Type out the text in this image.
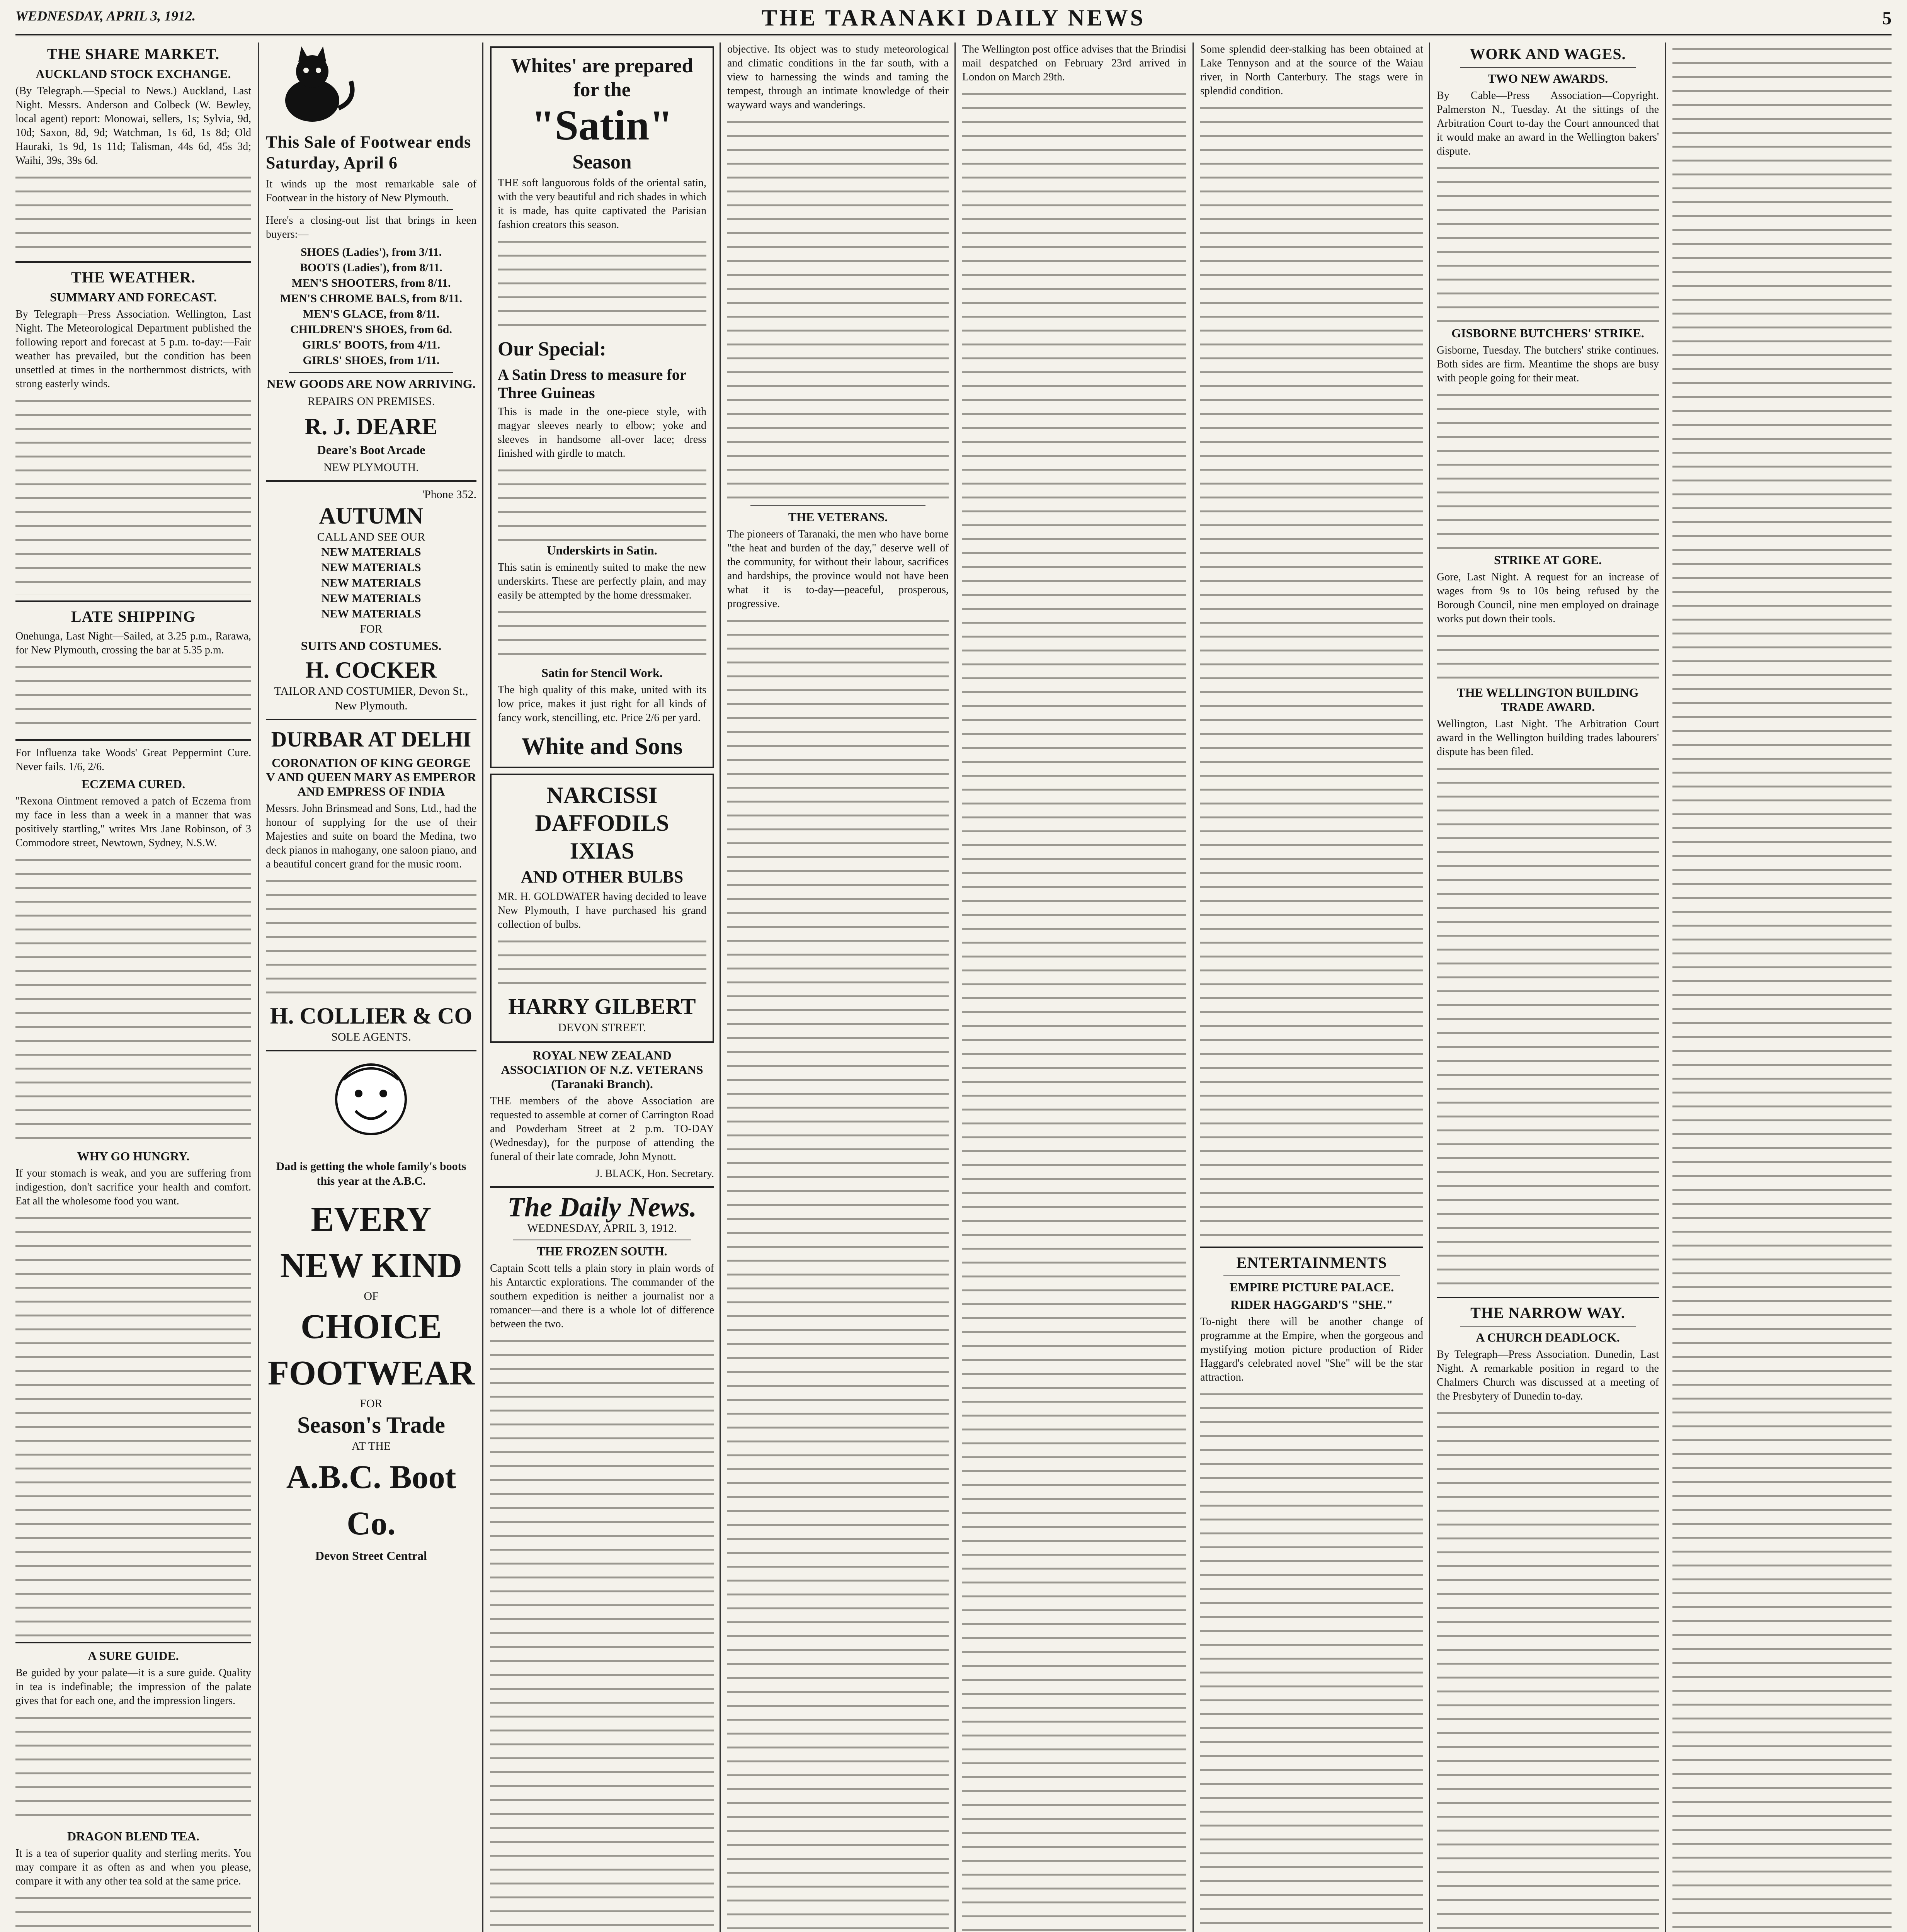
WEDNESDAY, APRIL 3, 1912.	THE TARANAKI DAILY NEWS	5
THE SHARE MARKET.
AUCKLAND STOCK EXCHANGE.
(By Telegraph.—Special to News.) Auckland, Last Night. Messrs. Anderson and Colbeck (W. Bewley, local agent) report: Monowai, sellers, 1s; Sylvia, 9d, 10d; Saxon, 8d, 9d; Watchman, 1s 6d, 1s 8d; Old Hauraki, 1s 9d, 1s 11d; Talisman, 44s 6d, 45s 3d; Waihi, 39s, 39s 6d.
THE WEATHER.
SUMMARY AND FORECAST.
By Telegraph—Press Association. Wellington, Last Night. The Meteorological Department published the following report and forecast at 5 p.m. to-day:—Fair weather has prevailed, but the condition has been unsettled at times in the northernmost districts, with strong easterly winds.
LATE SHIPPING
Onehunga, Last Night—Sailed, at 3.25 p.m., Rarawa, for New Plymouth, crossing the bar at 5.35 p.m.
For Influenza take Woods' Great Peppermint Cure. Never fails. 1/6, 2/6.
ECZEMA CURED.
"Rexona Ointment removed a patch of Eczema from my face in less than a week in a manner that was positively startling," writes Mrs Jane Robinson, of 3 Commodore street, Newtown, Sydney, N.S.W.
WHY GO HUNGRY.
If your stomach is weak, and you are suffering from indigestion, don't sacrifice your health and comfort. Eat all the wholesome food you want.
A SURE GUIDE.
Be guided by your palate—it is a sure guide. Quality in tea is indefinable; the impression of the palate gives that for each one, and the impression lingers.
DRAGON BLEND TEA.
It is a tea of superior quality and sterling merits. You may compare it as often as and when you please, compare it with any other tea sold at the same price.
This Sale of Footwear ends Saturday, April 6
It winds up the most remarkable sale of Footwear in the history of New Plymouth.
Here's a closing-out list that brings in keen buyers:—
SHOES (Ladies'), from 3/11.
BOOTS (Ladies'), from 8/11.
MEN'S SHOOTERS, from 8/11.
MEN'S CHROME BALS, from 8/11.
MEN'S GLACE, from 8/11.
CHILDREN'S SHOES, from 6d.
GIRLS' BOOTS, from 4/11.
GIRLS' SHOES, from 1/11.
NEW GOODS ARE NOW ARRIVING.
REPAIRS ON PREMISES.
R. J. DEARE
Deare's Boot Arcade
NEW PLYMOUTH.
'Phone 352.
AUTUMN
CALL AND SEE OUR
NEW MATERIALS
NEW MATERIALS
NEW MATERIALS
NEW MATERIALS
NEW MATERIALS
FOR
SUITS AND COSTUMES.
H. COCKER
TAILOR AND COSTUMIER, Devon St., New Plymouth.
DURBAR AT DELHI
CORONATION OF KING GEORGE V AND QUEEN MARY AS EMPEROR AND EMPRESS OF INDIA
Messrs. John Brinsmead and Sons, Ltd., had the honour of supplying for the use of their Majesties and suite on board the Medina, two deck pianos in mahogany, one saloon piano, and a beautiful concert grand for the music room.
H. COLLIER & CO
SOLE AGENTS.
Dad is getting the whole family's boots this year at the A.B.C.
EVERY NEW KIND
OF
CHOICE FOOTWEAR
FOR
Season's Trade
AT THE
A.B.C. Boot Co.
Devon Street Central
Whites' are prepared for the
"Satin"
Season
THE soft languorous folds of the oriental satin, with the very beautiful and rich shades in which it is made, has quite captivated the Parisian fashion creators this season.
Our Special:
A Satin Dress to measure for Three Guineas
This is made in the one-piece style, with magyar sleeves nearly to elbow; yoke and sleeves in handsome all-over lace; dress finished with girdle to match.
Underskirts in Satin.
This satin is eminently suited to make the new underskirts. These are perfectly plain, and may easily be attempted by the home dressmaker.
Satin for Stencil Work.
The high quality of this make, united with its low price, makes it just right for all kinds of fancy work, stencilling, etc. Price 2/6 per yard.
White and Sons
NARCISSI
DAFFODILS
IXIAS
AND OTHER BULBS
MR. H. GOLDWATER having decided to leave New Plymouth, I have purchased his grand collection of bulbs.
HARRY GILBERT
DEVON STREET.
ROYAL NEW ZEALAND ASSOCIATION OF N.Z. VETERANS (Taranaki Branch).
THE members of the above Association are requested to assemble at corner of Carrington Road and Powderham Street at 2 p.m. TO-DAY (Wednesday), for the purpose of attending the funeral of their late comrade, John Mynott.
J. BLACK, Hon. Secretary.
The Daily News.
WEDNESDAY, APRIL 3, 1912.
THE FROZEN SOUTH.
Captain Scott tells a plain story in plain words of his Antarctic explorations. The commander of the southern expedition is neither a journalist nor a romancer—and there is a whole lot of difference between the two.
objective. Its object was to study meteorological and climatic conditions in the far south, with a view to harnessing the winds and taming the tempest, through an intimate knowledge of their wayward ways and wanderings.
THE VETERANS.
The pioneers of Taranaki, the men who have borne "the heat and burden of the day," deserve well of the community, for without their labour, sacrifices and hardships, the province would not have been what it is to-day—peaceful, prosperous, progressive.
The Wellington post office advises that the Brindisi mail despatched on February 23rd arrived in London on March 29th.
Some splendid deer-stalking has been obtained at Lake Tennyson and at the source of the Waiau river, in North Canterbury. The stags were in splendid condition.
ENTERTAINMENTS
EMPIRE PICTURE PALACE.
RIDER HAGGARD'S "SHE."
To-night there will be another change of programme at the Empire, when the gorgeous and mystifying motion picture production of Rider Haggard's celebrated novel "She" will be the star attraction.
WORK AND WAGES.
TWO NEW AWARDS.
By Cable—Press Association—Copyright. Palmerston N., Tuesday. At the sittings of the Arbitration Court to-day the Court announced that it would make an award in the Wellington bakers' dispute.
GISBORNE BUTCHERS' STRIKE.
Gisborne, Tuesday. The butchers' strike continues. Both sides are firm. Meantime the shops are busy with people going for their meat.
STRIKE AT GORE.
Gore, Last Night. A request for an increase of wages from 9s to 10s being refused by the Borough Council, nine men employed on drainage works put down their tools.
THE WELLINGTON BUILDING TRADE AWARD.
Wellington, Last Night. The Arbitration Court award in the Wellington building trades labourers' dispute has been filed.
THE NARROW WAY.
A CHURCH DEADLOCK.
By Telegraph—Press Association. Dunedin, Last Night. A remarkable position in regard to the Chalmers Church was discussed at a meeting of the Presbytery of Dunedin to-day.
